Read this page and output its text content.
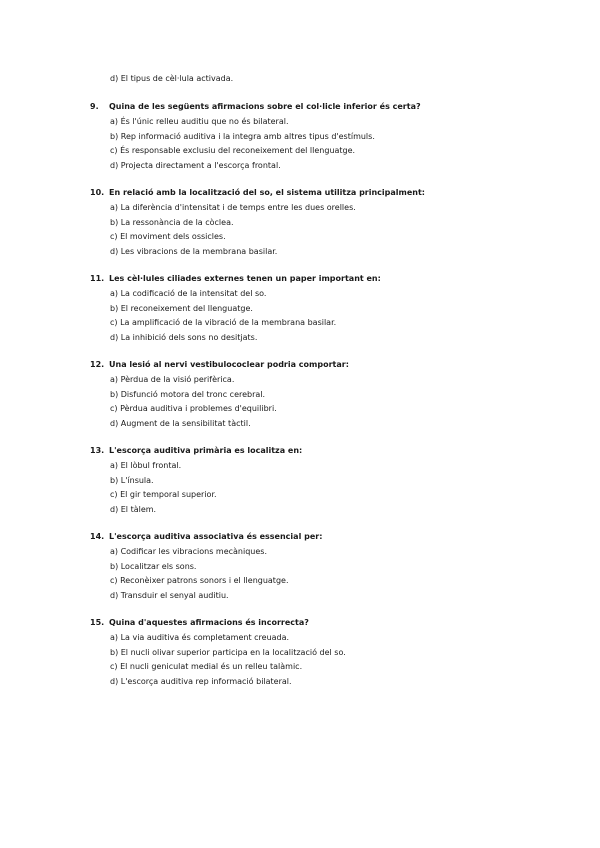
d) El tipus de cèl·lula activada.
9. Quina de les següents afirmacions sobre el col·licle inferior és certa?
a) És l'únic relleu auditiu que no és bilateral.
b) Rep informació auditiva i la integra amb altres tipus d'estímuls.
c) És responsable exclusiu del reconeixement del llenguatge.
d) Projecta directament a l'escorça frontal.
10. En relació amb la localització del so, el sistema utilitza principalment:
a) La diferència d'intensitat i de temps entre les dues orelles.
b) La ressonància de la còclea.
c) El moviment dels ossicles.
d) Les vibracions de la membrana basilar.
11. Les cèl·lules ciliades externes tenen un paper important en:
a) La codificació de la intensitat del so.
b) El reconeixement del llenguatge.
c) La amplificació de la vibració de la membrana basilar.
d) La inhibició dels sons no desitjats.
12. Una lesió al nervi vestibulococlear podria comportar:
a) Pèrdua de la visió perifèrica.
b) Disfunció motora del tronc cerebral.
c) Pèrdua auditiva i problemes d'equilibri.
d) Augment de la sensibilitat tàctil.
13. L'escorça auditiva primària es localitza en:
a) El lòbul frontal.
b) L'ínsula.
c) El gir temporal superior.
d) El tàlem.
14. L'escorça auditiva associativa és essencial per:
a) Codificar les vibracions mecàniques.
b) Localitzar els sons.
c) Reconèixer patrons sonors i el llenguatge.
d) Transduir el senyal auditiu.
15. Quina d'aquestes afirmacions és incorrecta?
a) La via auditiva és completament creuada.
b) El nucli olivar superior participa en la localització del so.
c) El nucli geniculat medial és un relleu talàmic.
d) L'escorça auditiva rep informació bilateral.
